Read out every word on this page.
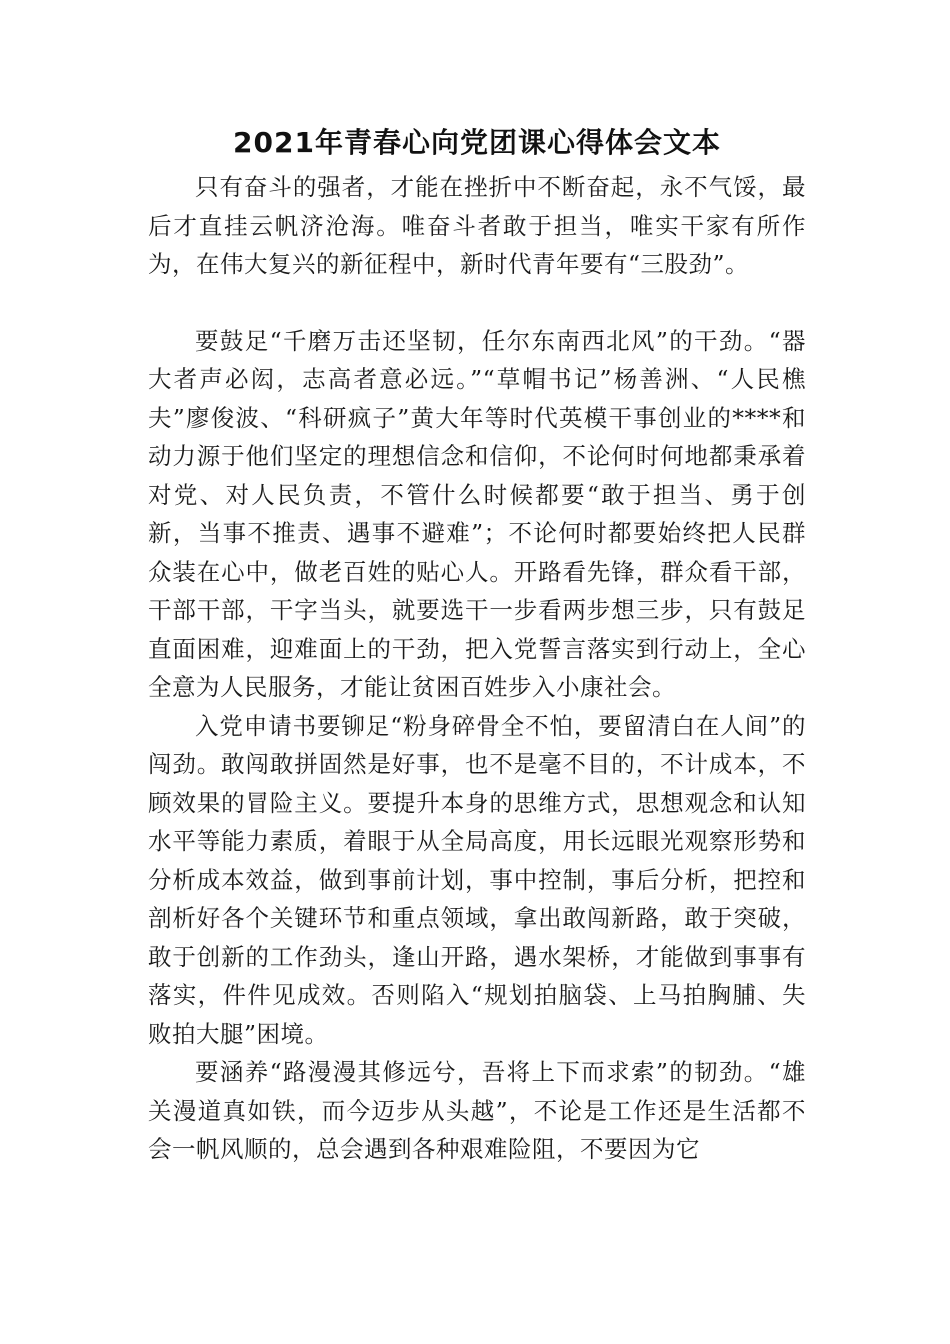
2021年青春心向党团课心得体会文本

只有奋斗的强者，才能在挫折中不断奋起，永不气馁，最后才直挂云帆济沧海。唯奋斗者敢于担当，唯实干家有所作为，在伟大复兴的新征程中，新时代青年要有“三股劲”。

要鼓足“千磨万击还坚韧，任尔东南西北风”的干劲。“器大者声必闳，志高者意必远。”“草帽书记”杨善洲、“人民樵夫”廖俊波、“科研疯子”黄大年等时代英模干事创业的****和动力源于他们坚定的理想信念和信仰，不论何时何地都秉承着对党、对人民负责，不管什么时候都要“敢于担当、勇于创新，当事不推责、遇事不避难”；不论何时都要始终把人民群众装在心中，做老百姓的贴心人。开路看先锋，群众看干部，干部干部，干字当头，就要选干一步看两步想三步，只有鼓足直面困难，迎难面上的干劲，把入党誓言落实到行动上，全心全意为人民服务，才能让贫困百姓步入小康社会。

入党申请书要铆足“粉身碎骨全不怕，要留清白在人间”的闯劲。敢闯敢拼固然是好事，也不是毫不目的，不计成本，不顾效果的冒险主义。要提升本身的思维方式，思想观念和认知水平等能力素质，着眼于从全局高度，用长远眼光观察形势和分析成本效益，做到事前计划，事中控制，事后分析，把控和剖析好各个关键环节和重点领域，拿出敢闯新路，敢于突破，敢于创新的工作劲头，逢山开路，遇水架桥，才能做到事事有落实，件件见成效。否则陷入“规划拍脑袋、上马拍胸脯、失败拍大腿”困境。

要涵养“路漫漫其修远兮，吾将上下而求索”的韧劲。“雄关漫道真如铁，而今迈步从头越”，不论是工作还是生活都不会一帆风顺的，总会遇到各种艰难险阻，不要因为它
